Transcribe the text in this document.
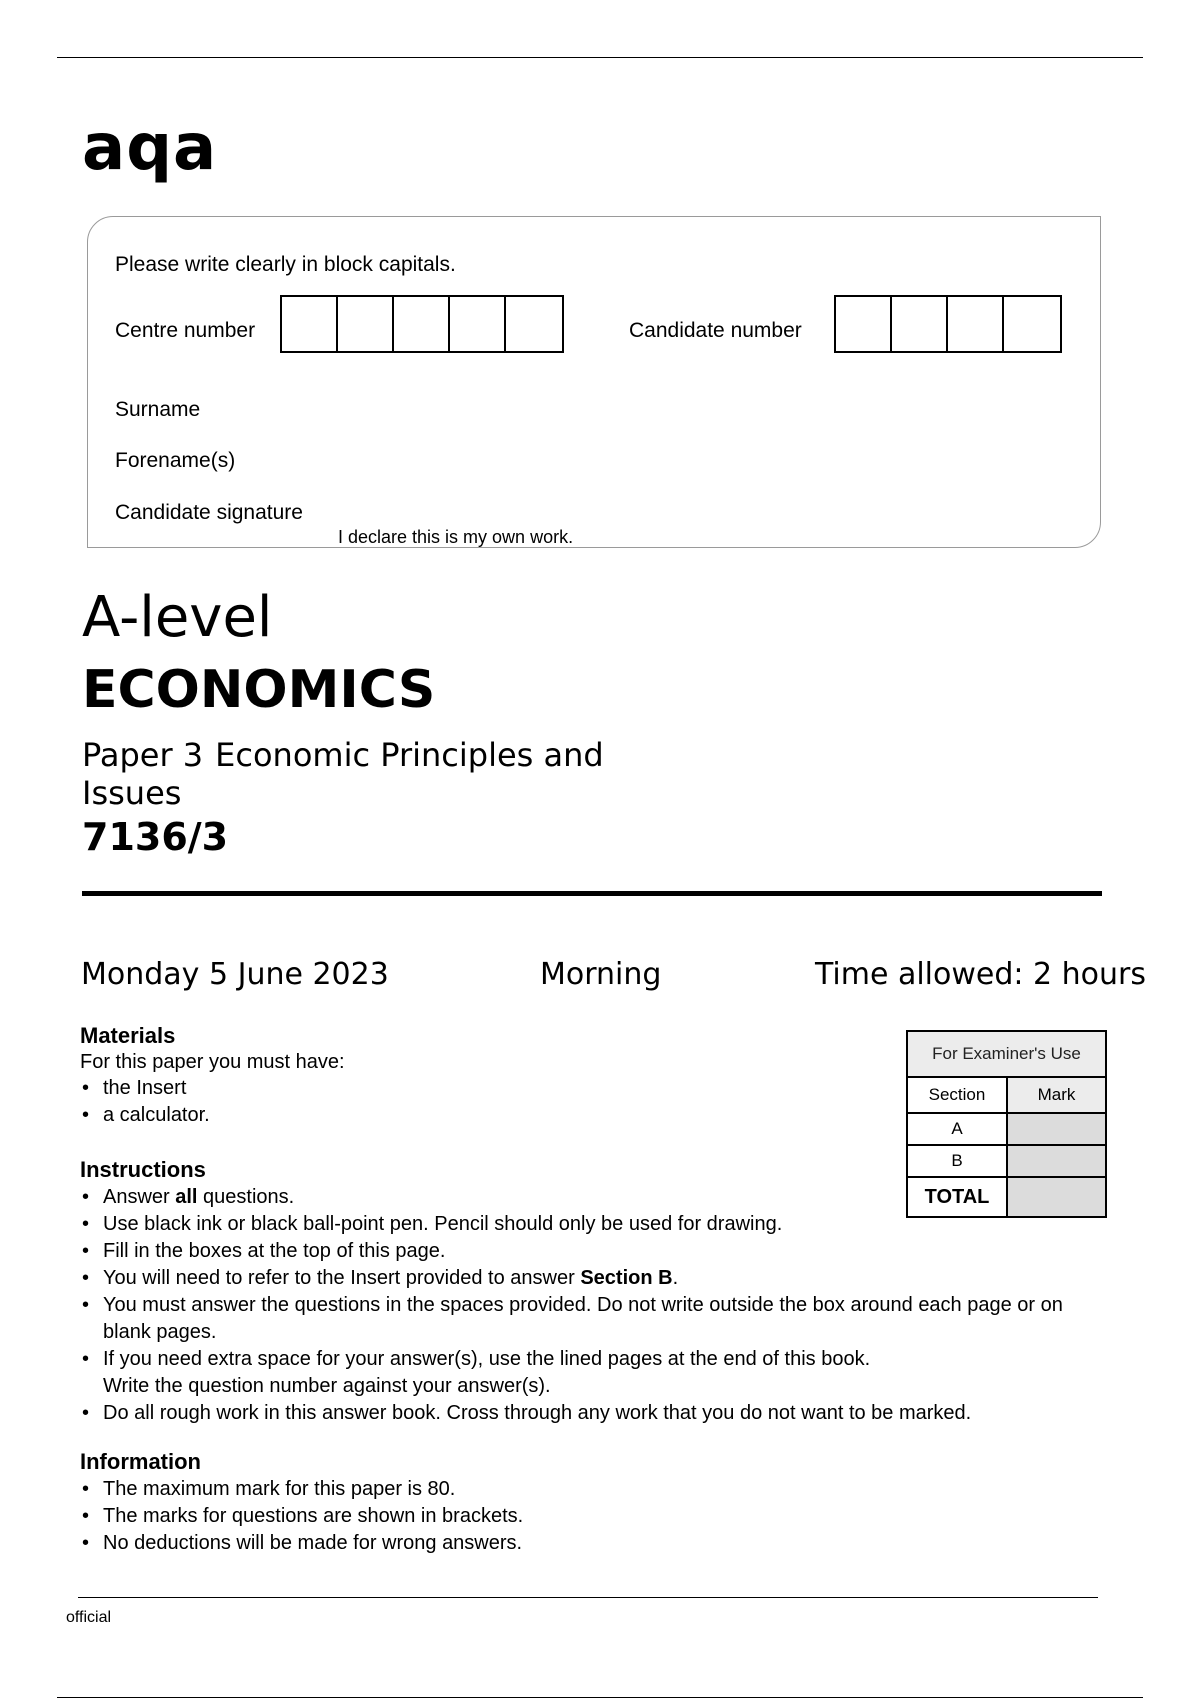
aqa
Please write clearly in block capitals.
Centre number	Candidate number
Surname
Forename(s)
Candidate signature
I declare this is my own work.
A-level
ECONOMICS
Paper 3 Economic Principles and Issues
7136/3
Monday 5 June 2023	Morning	Time allowed: 2 hours
Materials
For this paper you must have:
• the Insert
• a calculator.
Instructions
• Answer all questions.
• Use black ink or black ball-point pen. Pencil should only be used for drawing.
• Fill in the boxes at the top of this page.
• You will need to refer to the Insert provided to answer Section B.
• You must answer the questions in the spaces provided. Do not write outside the box around each page or on blank pages.
• If you need extra space for your answer(s), use the lined pages at the end of this book. Write the question number against your answer(s).
• Do all rough work in this answer book. Cross through any work that you do not want to be marked.
Information
• The maximum mark for this paper is 80.
• The marks for questions are shown in brackets.
• No deductions will be made for wrong answers.
For Examiner's Use
Section	Mark
A
B
TOTAL
official
